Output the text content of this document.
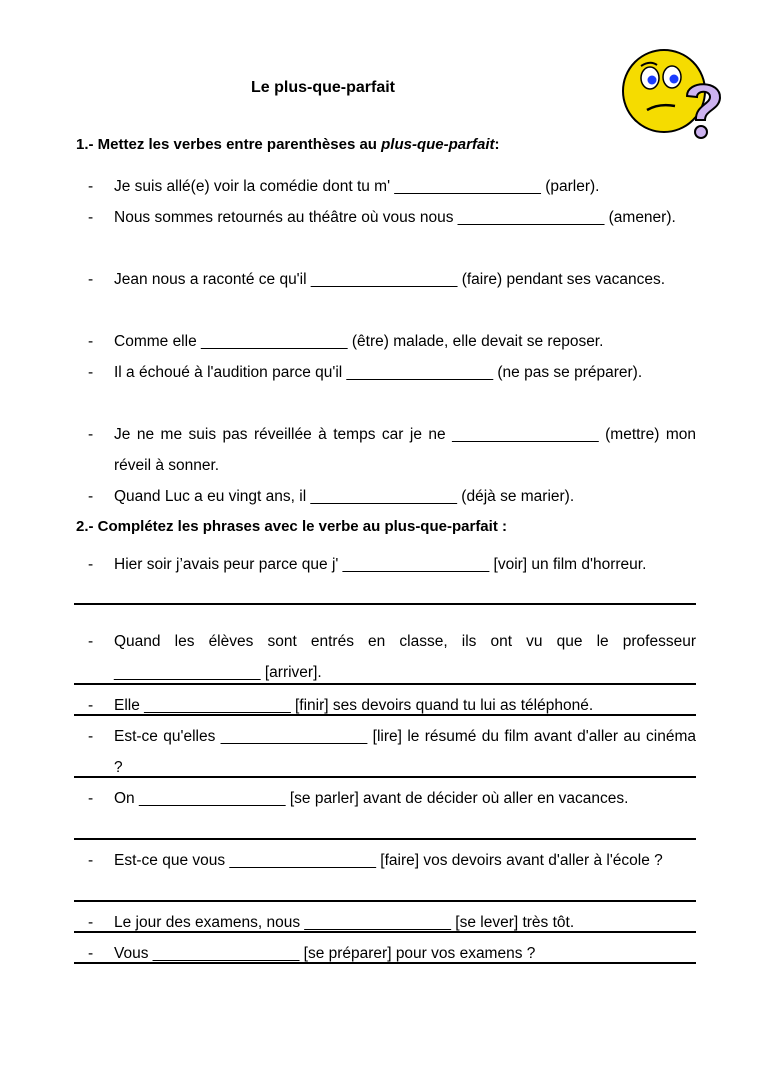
Le plus-que-parfait
1.- Mettez les verbes entre parenthèses au plus-que-parfait:
- Je suis allé(e) voir la comédie dont tu m' _________________ (parler).
- Nous sommes retournés au théâtre où vous nous _________________ (amener).
- Jean nous a raconté ce qu'il _________________ (faire) pendant ses vacances.
- Comme elle _________________ (être) malade, elle devait se reposer.
- Il a échoué à l'audition parce qu'il _________________ (ne pas se préparer).
- Je ne me suis pas réveillée à temps car je ne _________________ (mettre) mon réveil à sonner.
- Quand Luc a eu vingt ans, il _________________ (déjà se marier).
2.- Complétez les phrases avec le verbe au plus-que-parfait :
- Hier soir j’avais peur parce que j' _________________ [voir] un film d'horreur.
- Quand les élèves sont entrés en classe, ils ont vu que le professeur _________________ [arriver].
- Elle _________________ [finir] ses devoirs quand tu lui as téléphoné.
- Est-ce qu'elles _________________ [lire] le résumé du film avant d'aller au cinéma ?
- On _________________ [se parler] avant de décider où aller en vacances.
- Est-ce que vous _________________ [faire] vos devoirs avant d'aller à l'école ?
- Le jour des examens, nous _________________ [se lever] très tôt.
- Vous _________________ [se préparer] pour vos examens ?
